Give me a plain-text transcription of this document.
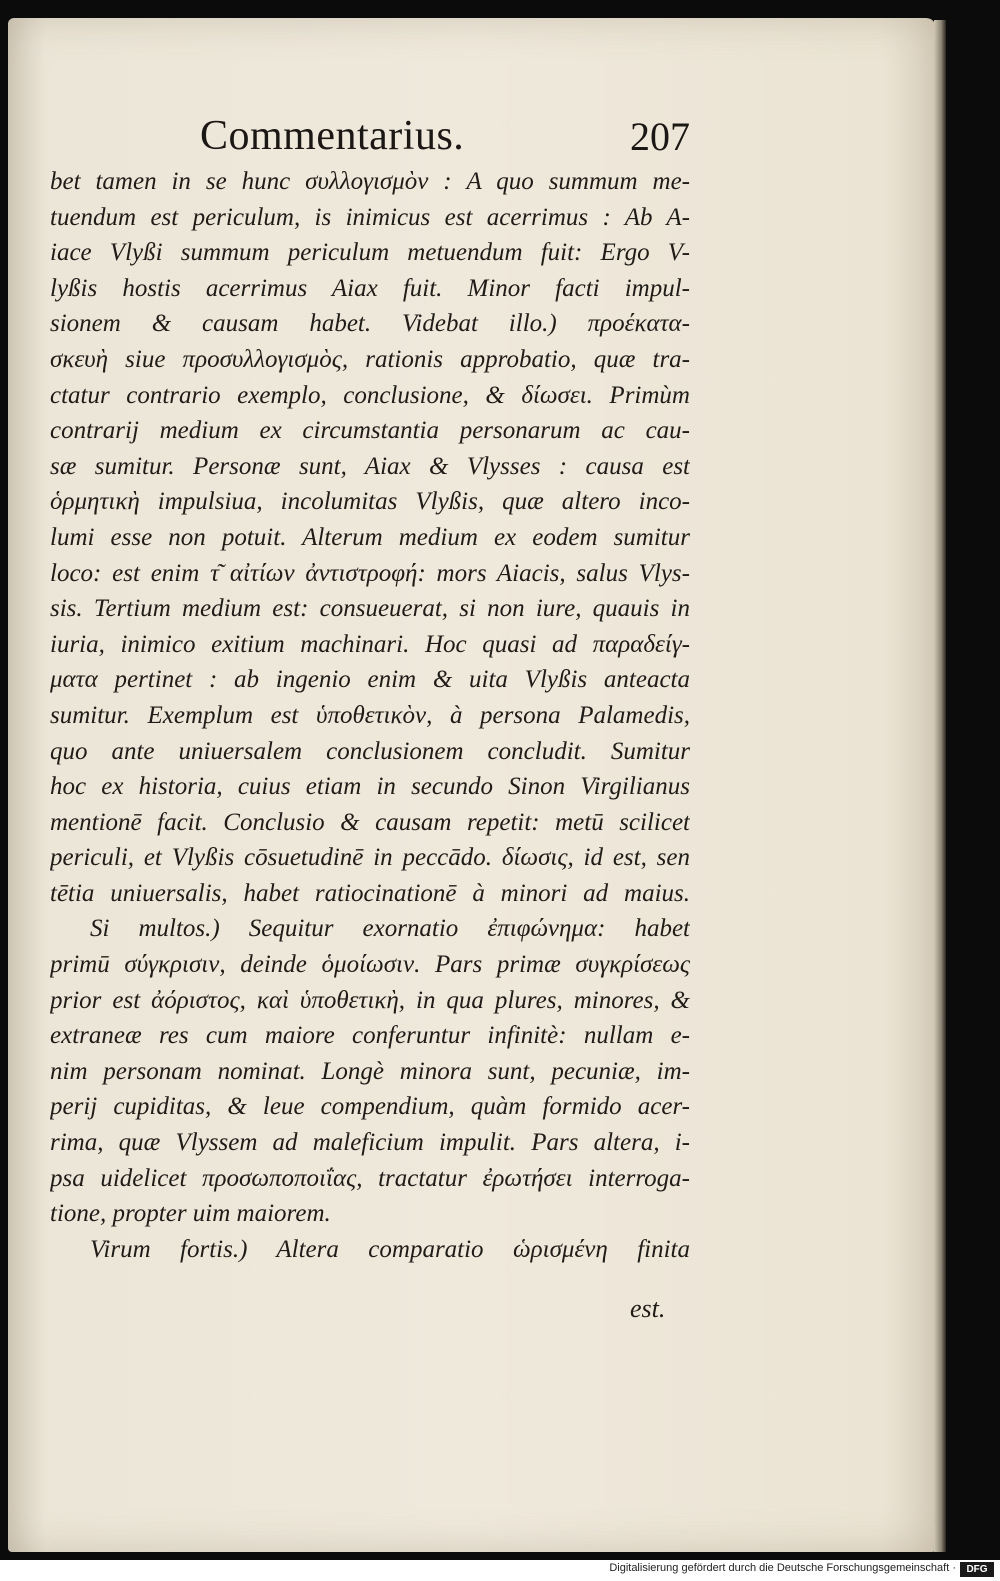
Commentarius.	207
bet tamen in se hunc συλλογισμὸν : A quo summum me-
tuendum est periculum, is inimicus est acerrimus : Ab A-
iace Vlyßi summum periculum metuendum fuit: Ergo V-
lyßis hostis acerrimus Aiax fuit. Minor facti impul-
sionem & causam habet. Videbat illo.) προέκατα-
σκευὴ siue προσυλλογισμὸς, rationis approbatio, quæ tra-
ctatur contrario exemplo, conclusione, & δίωσει. Primùm
contrarij medium ex circumstantia personarum ac cau-
sæ sumitur. Personæ sunt, Aiax & Vlysses : causa est
ὁρμητικὴ impulsiua, incolumitas Vlyßis, quæ altero inco-
lumi esse non potuit. Alterum medium ex eodem sumitur
loco: est enim τ͂ αἰτίων ἀντιστροφή: mors Aiacis, salus Vlys-
sis. Tertium medium est: consueuerat, si non iure, quauis in
iuria, inimico exitium machinari. Hoc quasi ad παραδείγ-
ματα pertinet : ab ingenio enim & uita Vlyßis anteacta
sumitur. Exemplum est ὑποθετικὸν, à persona Palamedis,
quo ante uniuersalem conclusionem concludit. Sumitur
hoc ex historia, cuius etiam in secundo Sinon Virgilianus
mentionē facit. Conclusio & causam repetit: metū scilicet
periculi, et Vlyßis cōsuetudinē in peccādo. δίωσις, id est, sen
tētia uniuersalis, habet ratiocinationē à minori ad maius.
Si multos.) Sequitur exornatio ἐπιφώνημα: habet
primū σύγκρισιν, deinde ὁμοίωσιν. Pars primæ συγκρίσεως
prior est ἀόριστος, καὶ ὑποθετικὴ, in qua plures, minores, &
extraneæ res cum maiore conferuntur infinitè: nullam e-
nim personam nominat. Longè minora sunt, pecuniæ, im-
perij cupiditas, & leue compendium, quàm formido acer-
rima, quæ Vlyssem ad maleficium impulit. Pars altera, i-
psa uidelicet προσωποποιΐας, tractatur ἐρωτήσει interroga-
tione, propter uim maiorem.
Virum fortis.) Altera comparatio ὡρισμένη finita
est.
Digitalisierung gefördert durch die Deutsche Forschungsgemeinschaft ·	DFG
